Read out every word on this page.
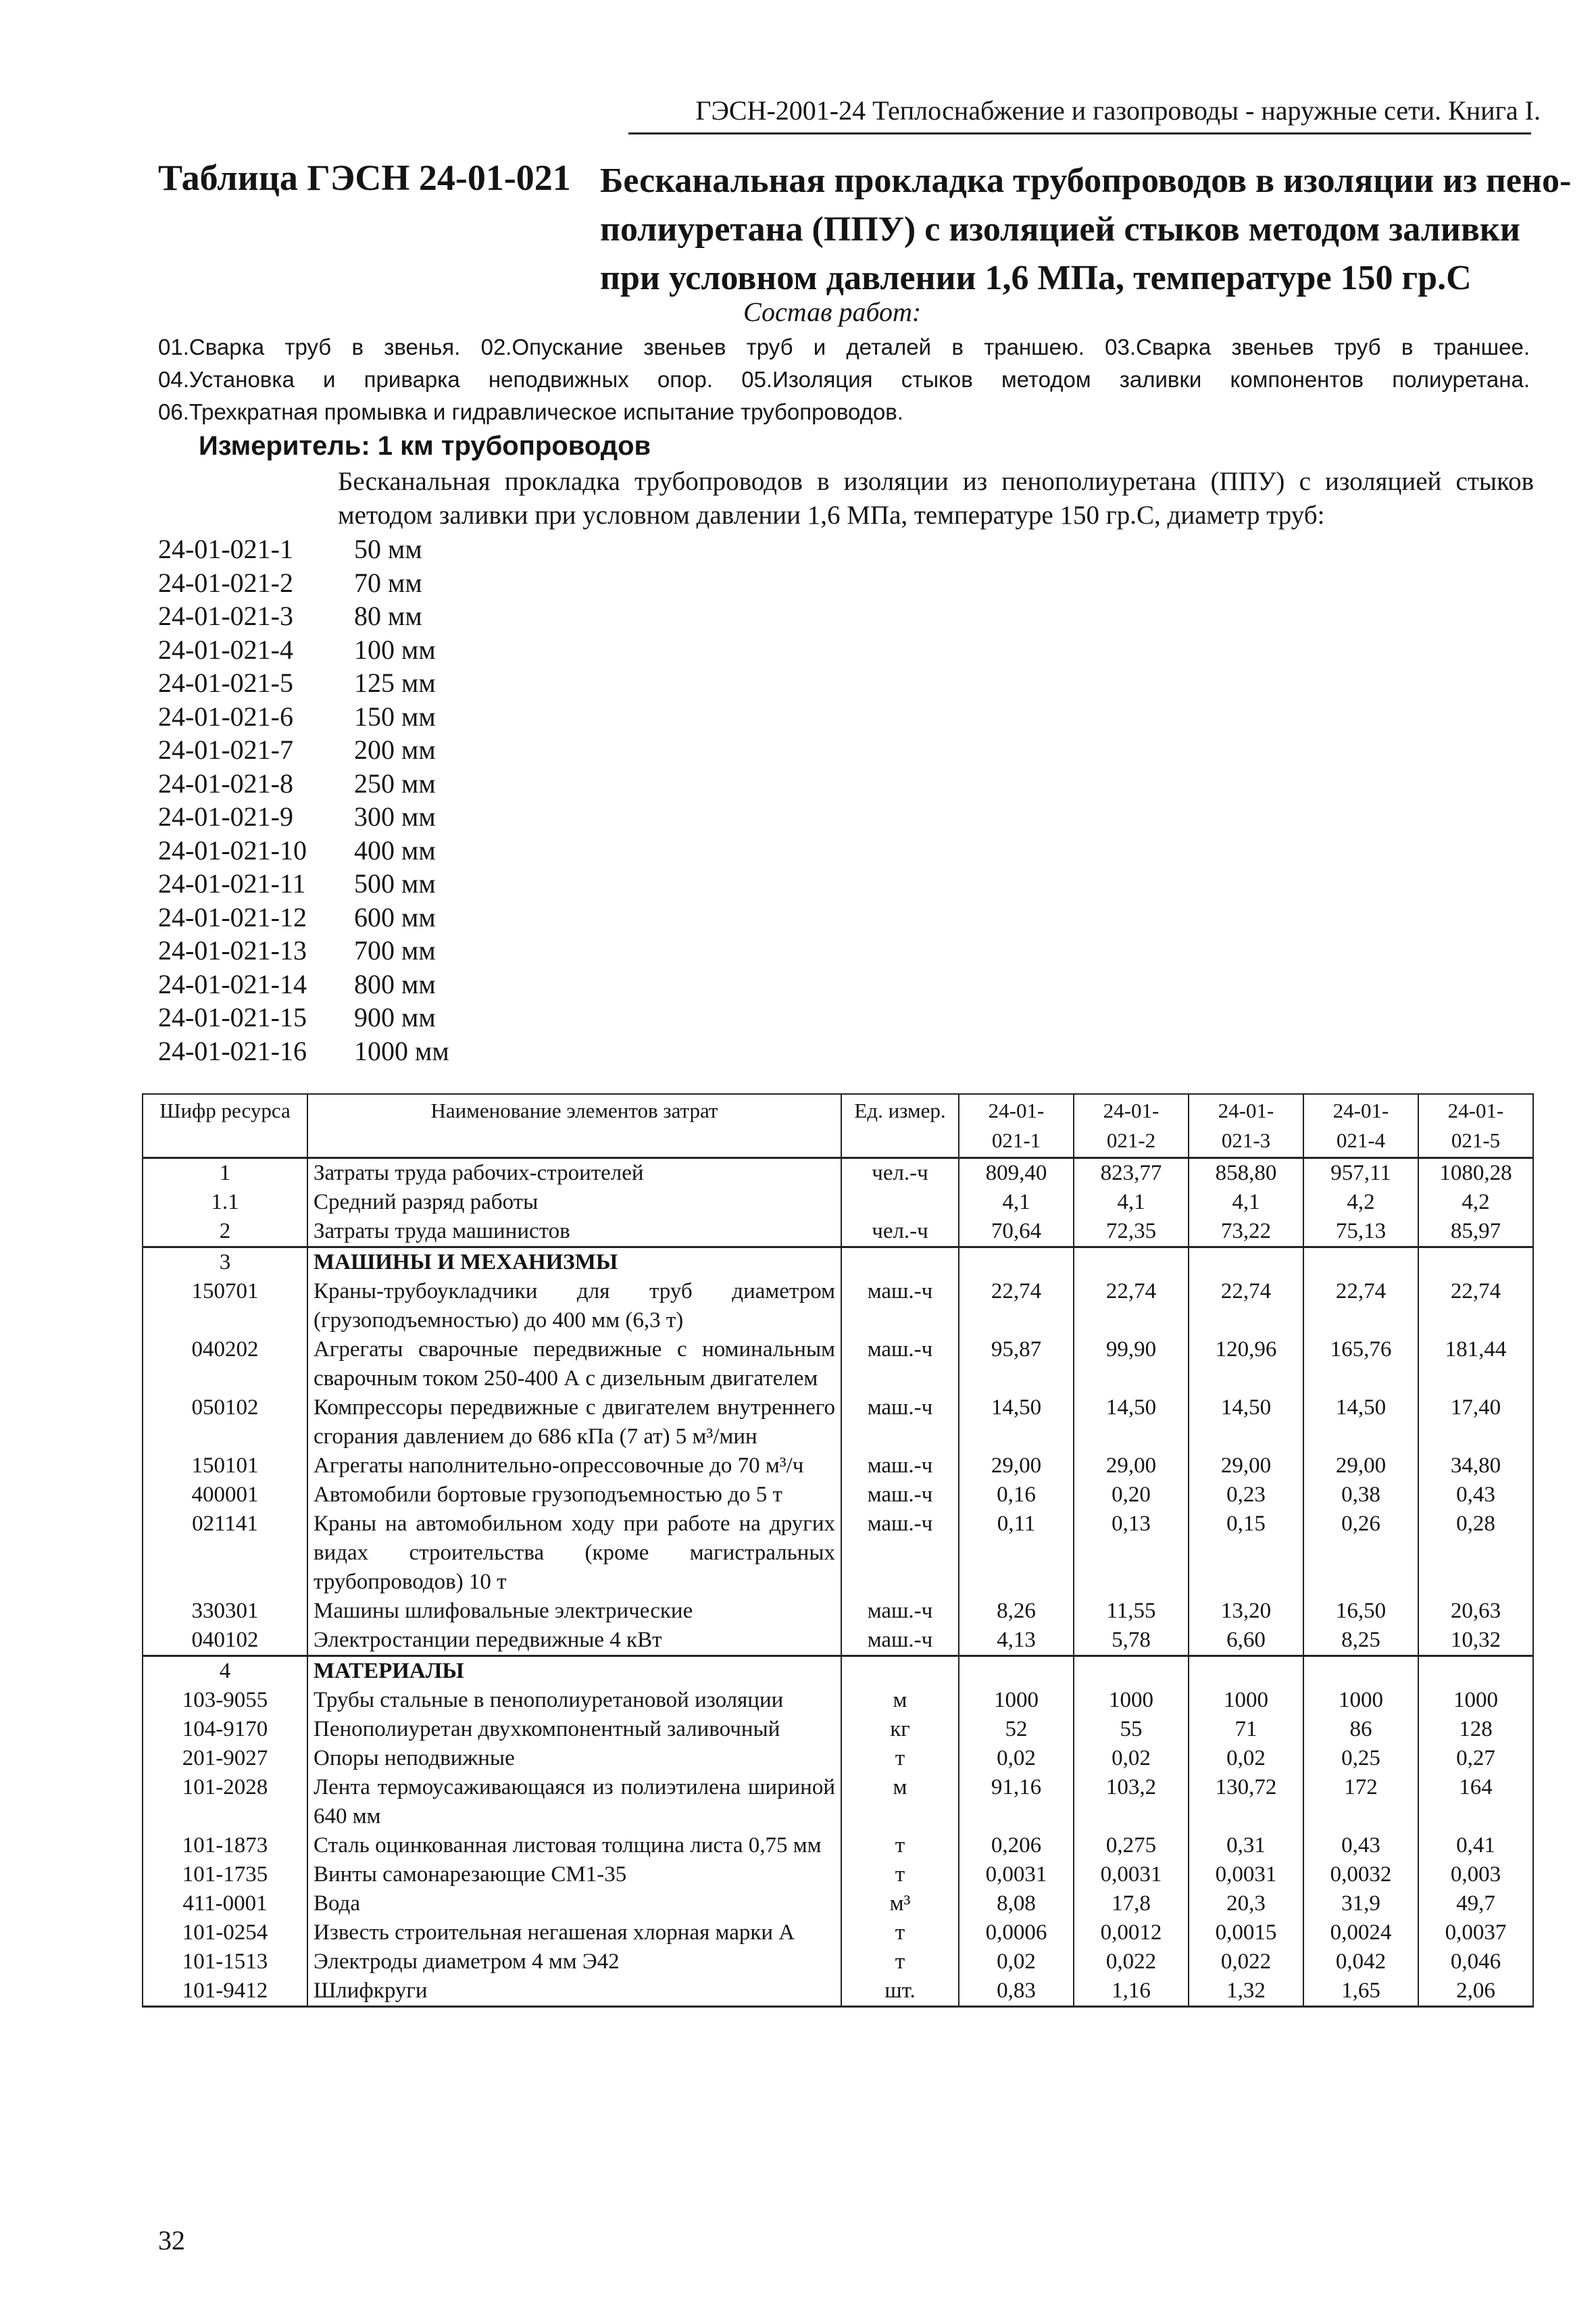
ГЭСН-2001-24 Теплоснабжение и газопроводы - наружные сети. Книга I.
Таблица ГЭСН 24-01-021 Бесканальная прокладка трубопроводов в изоляции из пено-
полиуретана (ППУ) с изоляцией стыков методом заливки
при условном давлении 1,6 МПа, температуре 150 гр.С
Состав работ:
01.Сварка труб в звенья. 02.Опускание звеньев труб и деталей в траншею. 03.Сварка звеньев труб в траншее.
04.Установка и приварка неподвижных опор. 05.Изоляция стыков методом заливки компонентов полиуретана.
06.Трехкратная промывка и гидравлическое испытание трубопроводов.
Измеритель: 1 км трубопроводов
Бесканальная прокладка трубопроводов в изоляции из пенополиуретана (ППУ) с изоляцией стыков
методом заливки при условном давлении 1,6 МПа, температуре 150 гр.С, диаметр труб:
24-01-021-1 50 мм
24-01-021-2 70 мм
24-01-021-3 80 мм
24-01-021-4 100 мм
24-01-021-5 125 мм
24-01-021-6 150 мм
24-01-021-7 200 мм
24-01-021-8 250 мм
24-01-021-9 300 мм
24-01-021-10 400 мм
24-01-021-11 500 мм
24-01-021-12 600 мм
24-01-021-13 700 мм
24-01-021-14 800 мм
24-01-021-15 900 мм
24-01-021-16 1000 мм
Шифр ресурса	Наименование элементов затрат	Ед. измер.	24-01-
021-1	24-01-
021-2	24-01-
021-3	24-01-
021-4	24-01-
021-5
1	Затраты труда рабочих-строителей	чел.-ч	809,40	823,77	858,80	957,11	1080,28
1.1	Средний разряд работы		4,1	4,1	4,1	4,2	4,2
2	Затраты труда машинистов	чел.-ч	70,64	72,35	73,22	75,13	85,97
3	МАШИНЫ И МЕХАНИЗМЫ						
150701	Краны-трубоукладчики для труб диаметром (грузоподъемностью) до 400 мм (6,3 т)	маш.-ч	22,74	22,74	22,74	22,74	22,74
040202	Агрегаты сварочные передвижные с номинальным сварочным током 250-400 А с дизельным двигателем	маш.-ч	95,87	99,90	120,96	165,76	181,44
050102	Компрессоры передвижные с двигателем внутреннего сгорания давлением до 686 кПа (7 ат) 5 м³/мин	маш.-ч	14,50	14,50	14,50	14,50	17,40
150101	Агрегаты наполнительно-опрессовочные до 70 м³/ч	маш.-ч	29,00	29,00	29,00	29,00	34,80
400001	Автомобили бортовые грузоподъемностью до 5 т	маш.-ч	0,16	0,20	0,23	0,38	0,43
021141	Краны на автомобильном ходу при работе на других видах строительства (кроме магистральных трубопроводов) 10 т	маш.-ч	0,11	0,13	0,15	0,26	0,28
330301	Машины шлифовальные электрические	маш.-ч	8,26	11,55	13,20	16,50	20,63
040102	Электростанции передвижные 4 кВт	маш.-ч	4,13	5,78	6,60	8,25	10,32
4	МАТЕРИАЛЫ						
103-9055	Трубы стальные в пенополиуретановой изоляции	м	1000	1000	1000	1000	1000
104-9170	Пенополиуретан двухкомпонентный заливочный	кг	52	55	71	86	128
201-9027	Опоры неподвижные	т	0,02	0,02	0,02	0,25	0,27
101-2028	Лента термоусаживающаяся из полиэтилена шириной 640 мм	м	91,16	103,2	130,72	172	164
101-1873	Сталь оцинкованная листовая толщина листа 0,75 мм	т	0,206	0,275	0,31	0,43	0,41
101-1735	Винты самонарезающие СМ1-35	т	0,0031	0,0031	0,0031	0,0032	0,003
411-0001	Вода	м³	8,08	17,8	20,3	31,9	49,7
101-0254	Известь строительная негашеная хлорная марки А	т	0,0006	0,0012	0,0015	0,0024	0,0037
101-1513	Электроды диаметром 4 мм Э42	т	0,02	0,022	0,022	0,042	0,046
101-9412	Шлифкруги	шт.	0,83	1,16	1,32	1,65	2,06
32
